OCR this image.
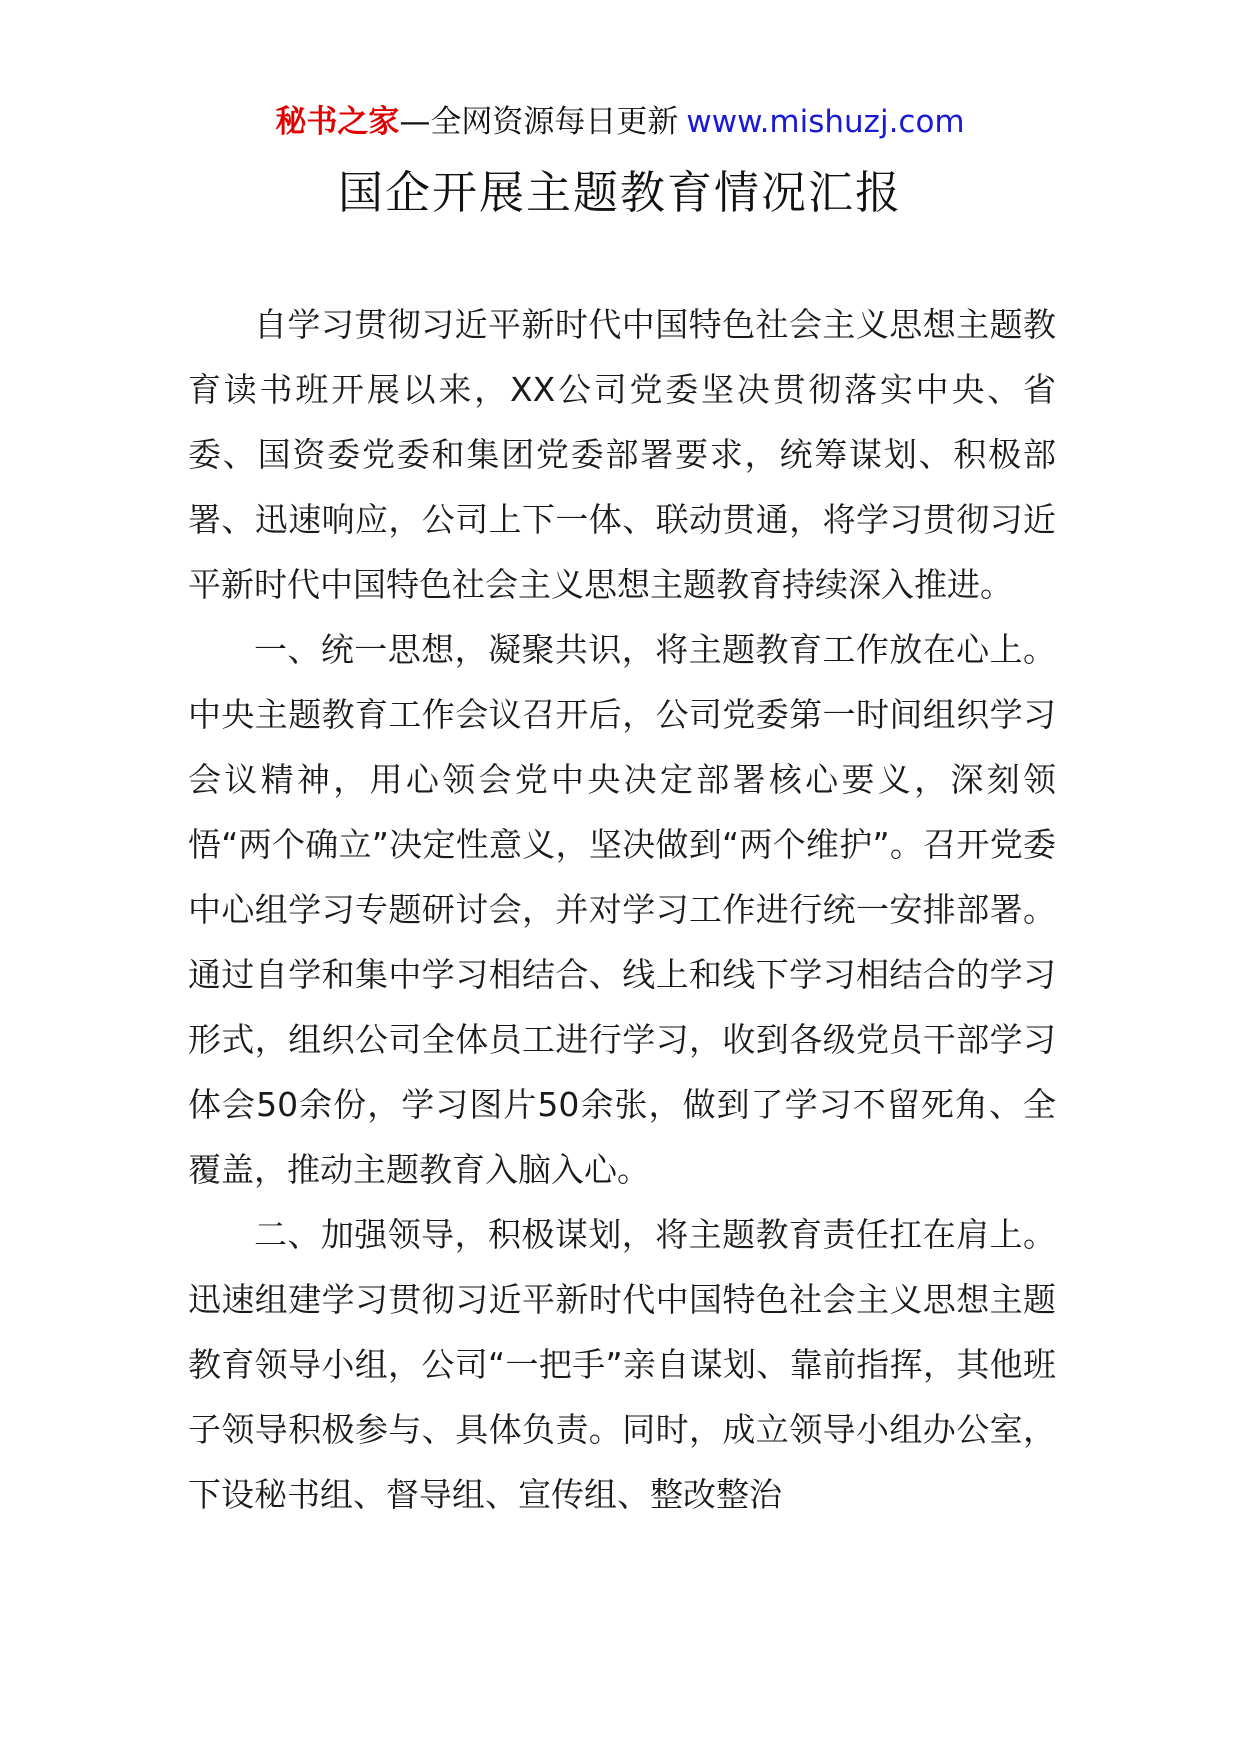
秘书之家—全网资源每日更新 www.mishuzj.com
国企开展主题教育情况汇报

自学习贯彻习近平新时代中国特色社会主义思想主题教育读书班开展以来，XX公司党委坚决贯彻落实中央、省委、国资委党委和集团党委部署要求，统筹谋划、积极部署、迅速响应，公司上下一体、联动贯通，将学习贯彻习近平新时代中国特色社会主义思想主题教育持续深入推进。

一、统一思想，凝聚共识，将主题教育工作放在心上。中央主题教育工作会议召开后，公司党委第一时间组织学习会议精神，用心领会党中央决定部署核心要义，深刻领悟“两个确立”决定性意义，坚决做到“两个维护”。召开党委中心组学习专题研讨会，并对学习工作进行统一安排部署。通过自学和集中学习相结合、线上和线下学习相结合的学习形式，组织公司全体员工进行学习，收到各级党员干部学习体会50余份，学习图片50余张，做到了学习不留死角、全覆盖，推动主题教育入脑入心。

二、加强领导，积极谋划，将主题教育责任扛在肩上。迅速组建学习贯彻习近平新时代中国特色社会主义思想主题教育领导小组，公司“一把手”亲自谋划、靠前指挥，其他班子领导积极参与、具体负责。同时，成立领导小组办公室，下设秘书组、督导组、宣传组、整改整治
